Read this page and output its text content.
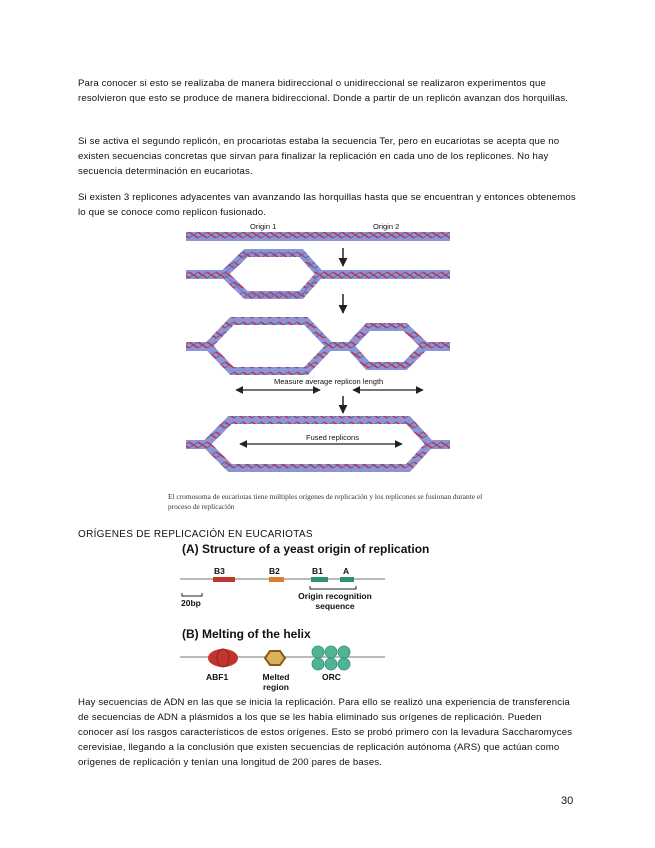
Para conocer si esto se realizaba de manera bidireccional o unidireccional se realizaron experimentos que resolvieron que esto se produce de manera bidireccional. Donde a partir de un replicón avanzan dos horquillas.

Si se activa el segundo replicón, en procariotas estaba la secuencia Ter, pero en eucariotas se acepta que no existen secuencias concretas que sirvan para finalizar la replicación en cada uno de los replicones. No hay secuencia determinación en eucariotas.

Si existen 3 replicones adyacentes van avanzando las horquillas hasta que se encuentran y entonces obtenemos lo que se conoce como replicon fusionado.

Origin 1	Origin 2
Measure average replicon length
Fused replicons

El cromosoma de eucariotas tiene múltiples orígenes de replicación y los replicones se fusionan durante el proceso de replicación

ORÍGENES DE REPLICACIÓN EN EUCARIOTAS

(A) Structure of a yeast origin of replication

(B) Melting of the helix

B3	B2	B1 A
20bp
Origin recognition sequence
ABF1	Melted region
ORC

Hay secuencias de ADN en las que se inicia la replicación. Para ello se realizó una experiencia de transferencia de secuencias de ADN a plásmidos a los que se les había eliminado sus orígenes de replicación. Pueden conocer así los rasgos característicos de estos orígenes. Esto se probó primero con la levadura Saccharomyces cerevisiae, llegando a la conclusión que existen secuencias de replicación autónoma (ARS) que actúan como orígenes de replicación y tenían una longitud de 200 pares de bases.

30
